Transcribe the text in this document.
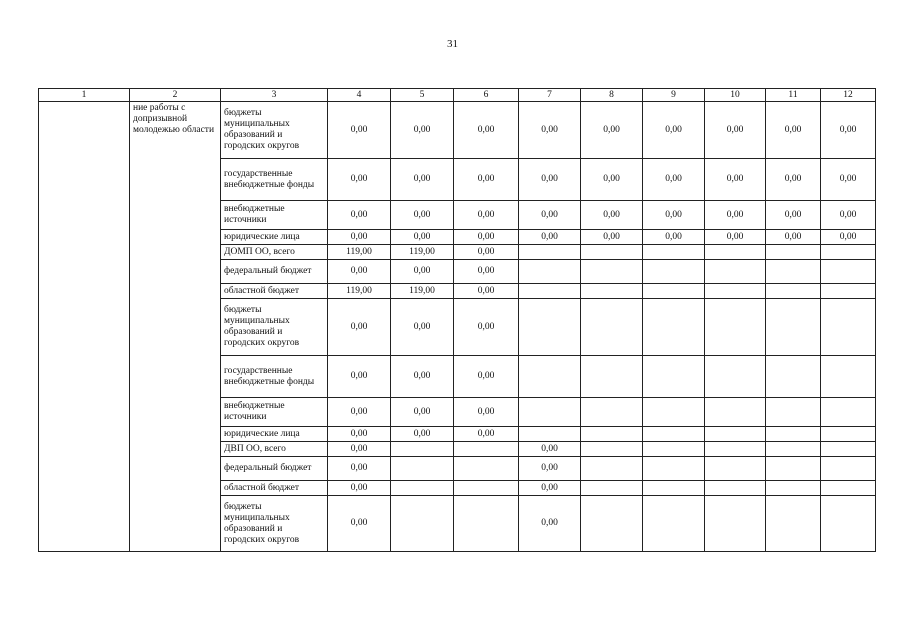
31
1	2	3	4	5	6	7	8	9	10	11	12
	ние работы с допризывной молодежью области	бюджеты муниципальных образований и городских округов	0,00	0,00	0,00	0,00	0,00	0,00	0,00	0,00	0,00
		государственные внебюджетные фонды	0,00	0,00	0,00	0,00	0,00	0,00	0,00	0,00	0,00
		внебюджетные источники	0,00	0,00	0,00	0,00	0,00	0,00	0,00	0,00	0,00
		юридические лица	0,00	0,00	0,00	0,00	0,00	0,00	0,00	0,00	0,00
		ДОМП ОО, всего	119,00	119,00	0,00						
		федеральный бюджет	0,00	0,00	0,00						
		областной бюджет	119,00	119,00	0,00						
		бюджеты муниципальных образований и городских округов	0,00	0,00	0,00						
		государственные внебюджетные фонды	0,00	0,00	0,00						
		внебюджетные источники	0,00	0,00	0,00						
		юридические лица	0,00	0,00	0,00						
		ДВП ОО, всего	0,00			0,00					
		федеральный бюджет	0,00			0,00					
		областной бюджет	0,00			0,00					
		бюджеты муниципальных образований и городских округов	0,00			0,00					
